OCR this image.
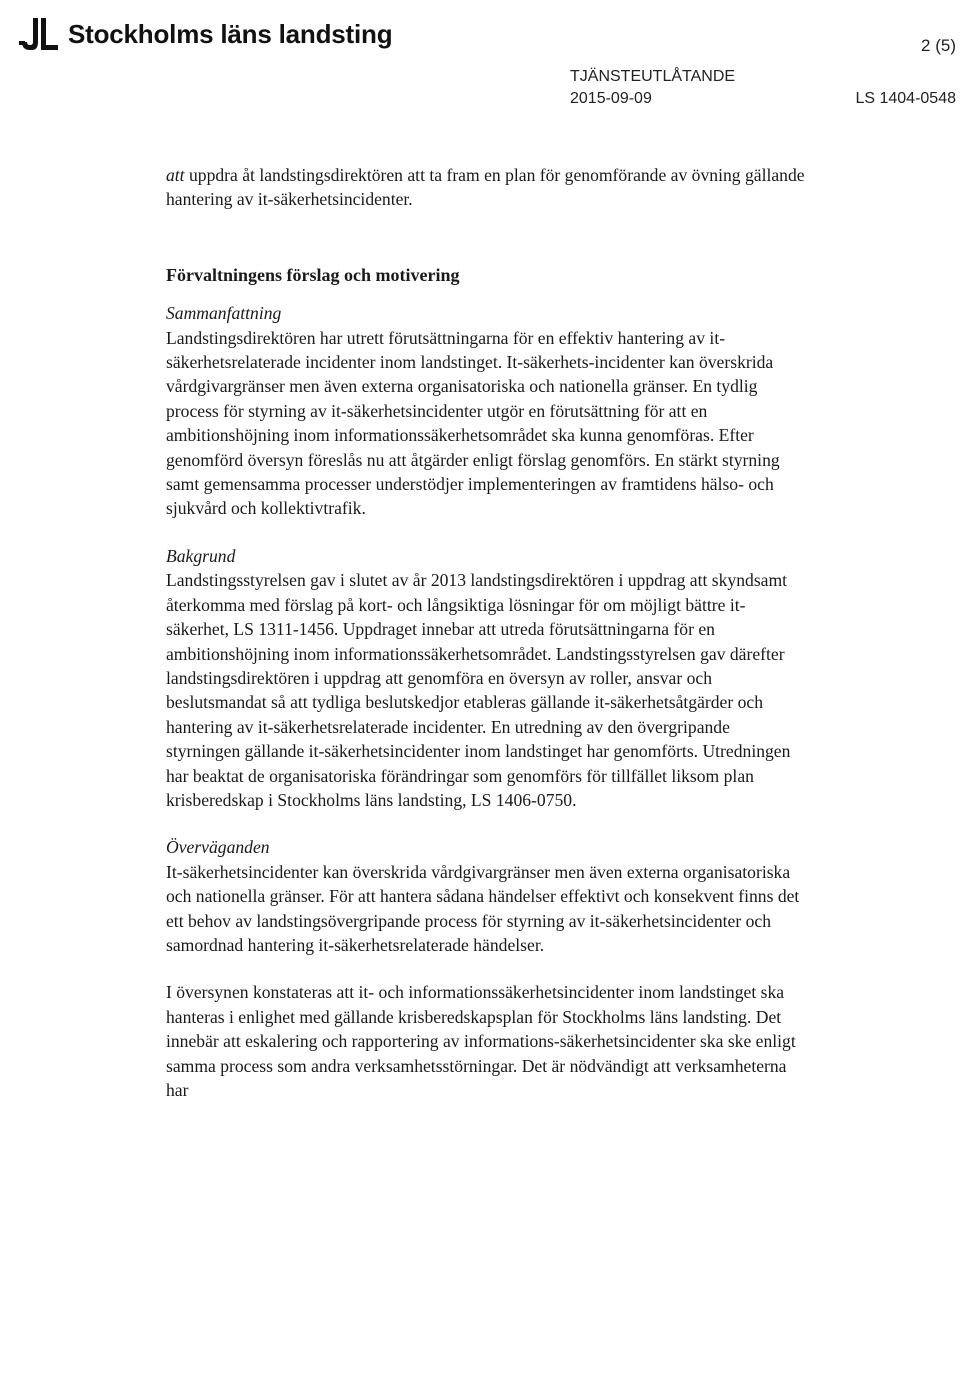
Stockholms läns landsting	2 (5)
TJÄNSTEUTLÅTANDE
2015-09-09	LS 1404-0548

att uppdra åt landstingsdirektören att ta fram en plan för genomförande av övning gällande hantering av it-säkerhetsincidenter.

Förvaltningens förslag och motivering

Sammanfattning

Landstingsdirektören har utrett förutsättningarna för en effektiv hantering av it-säkerhetsrelaterade incidenter inom landstinget. It-säkerhets-incidenter kan överskrida vårdgivargränser men även externa organisatoriska och nationella gränser. En tydlig process för styrning av it-säkerhetsincidenter utgör en förutsättning för att en ambitionshöjning inom informationssäkerhetsområdet ska kunna genomföras. Efter genomförd översyn föreslås nu att åtgärder enligt förslag genomförs. En stärkt styrning samt gemensamma processer understödjer implementeringen av framtidens hälso- och sjukvård och kollektivtrafik.

Bakgrund

Landstingsstyrelsen gav i slutet av år 2013 landstingsdirektören i uppdrag att skyndsamt återkomma med förslag på kort- och långsiktiga lösningar för om möjligt bättre it-säkerhet, LS 1311-1456. Uppdraget innebar att utreda förutsättningarna för en ambitionshöjning inom informationssäkerhetsområdet. Landstingsstyrelsen gav därefter landstingsdirektören i uppdrag att genomföra en översyn av roller, ansvar och beslutsmandat så att tydliga beslutskedjor etableras gällande it-säkerhetsåtgärder och hantering av it-säkerhetsrelaterade incidenter. En utredning av den övergripande styrningen gällande it-säkerhetsincidenter inom landstinget har genomförts. Utredningen har beaktat de organisatoriska förändringar som genomförs för tillfället liksom plan krisberedskap i Stockholms läns landsting, LS 1406-0750.

Överväganden

It-säkerhetsincidenter kan överskrida vårdgivargränser men även externa organisatoriska och nationella gränser. För att hantera sådana händelser effektivt och konsekvent finns det ett behov av landstingsövergripande process för styrning av it-säkerhetsincidenter och samordnad hantering it-säkerhetsrelaterade händelser.

I översynen konstateras att it- och informationssäkerhetsincidenter inom landstinget ska hanteras i enlighet med gällande krisberedskapsplan för Stockholms läns landsting. Det innebär att eskalering och rapportering av informations-säkerhetsincidenter ska ske enligt samma process som andra verksamhetsstörningar. Det är nödvändigt att verksamheterna har
